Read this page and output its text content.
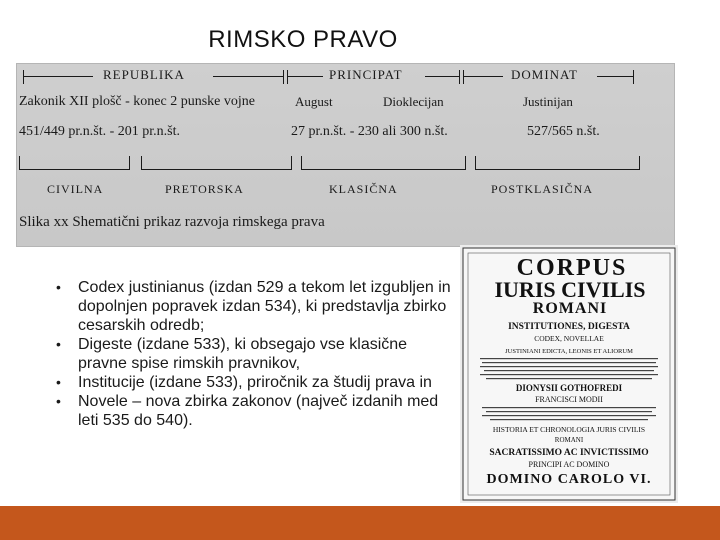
RIMSKO PRAVO
REPUBLIKA	PRINCIPAT	DOMINAT
Zakonik XII plošč - konec 2 punske vojne	August	Dioklecijan	Justinijan
451/449 pr.n.št. - 201 pr.n.št.	27 pr.n.št. - 230 ali 300 n.št.	527/565 n.št.
CIVILNA	PRETORSKA	KLASIČNA	POSTKLASIČNA
Slika xx Shematični prikaz razvoja rimskega prava
• Codex justinianus (izdan 529 a tekom let izgubljen in dopolnjen popravek izdan 534), ki predstavlja zbirko cesarskih odredb;
• Digeste (izdane 533), ki obsegajo vse klasične pravne spise rimskih pravnikov,
• Institucije (izdane 533), priročnik za študij prava in
• Novele – nova zbirka zakonov (največ izdanih med leti 535 do 540).
CORPUS
IURIS CIVILIS
ROMANI
INSTITUTIONES, DIGESTA
CODEX, NOVELLAE
JUSTINIANI EDICTA, LEONIS ET ALIORUM
DIONYSII GOTHOFREDI
FRANCISCI MODII
HISTORIA ET CHRONOLOGIA JURIS CIVILIS
ROMANI
SACRATISSIMO AC INVICTISSIMO
PRINCIPI AC DOMINO
DOMINO CAROLO VI.
